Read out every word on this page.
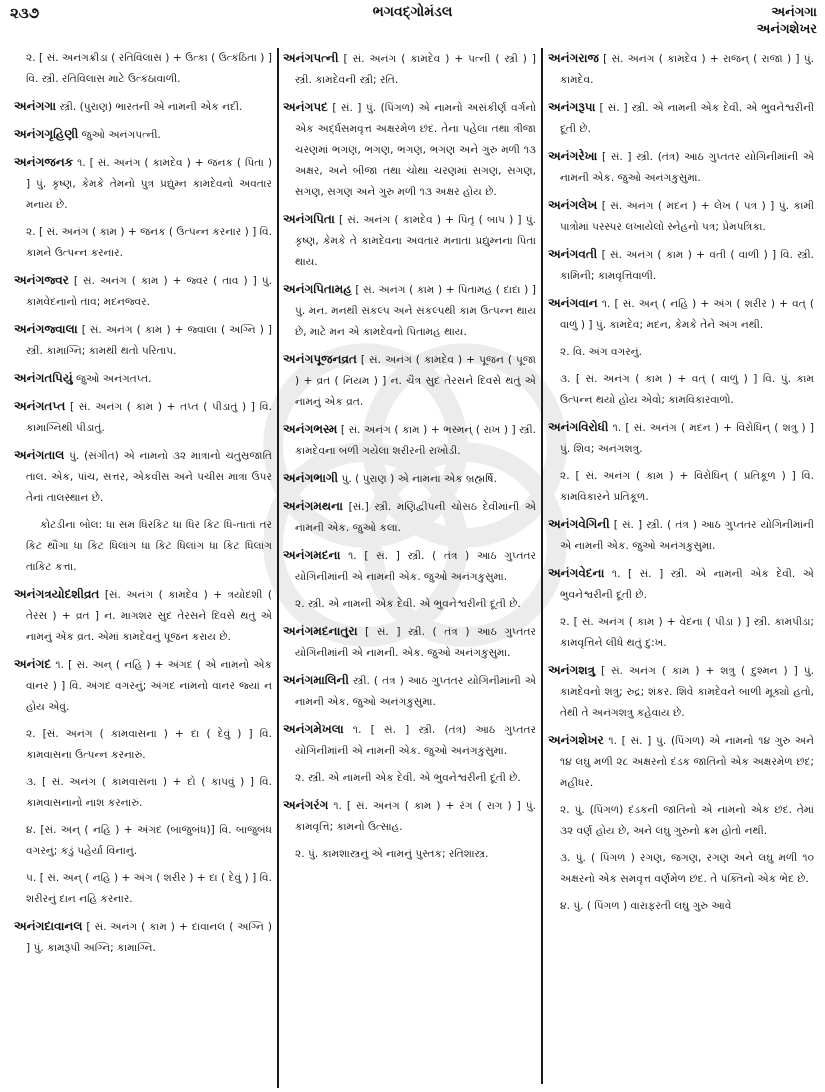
૨૩૭	ભગવદ્ગોમંડલ	અનંગગા
અનંગશેખર

૨. [ સં. અનંગક્રીડા ( રતિવિલાસ ) + ઉત્કા ( ઉત્કંઠિતા ) ] વિ. સ્ત્રી. રતિવિલાસ માટે ઉત્કંઠાવાળી.

અનંગગા સ્ત્રી. (પુરાણ) ભારતની એ નામની એક નદી.

અનંગગૃહિણી જુઓ અનંગપત્ની.

અનંગજનક ૧. [ સં. અનંગ ( કામદેવ ) + જનક ( પિતા ) ] પું. કૃષ્ણ, કેમકે તેમનો પુત્ર પ્રદ્યુમ્ન કામદેવનો અવતાર મનાય છે.

૨. [ સં. અનંગ ( કામ ) + જનક ( ઉત્પન્ન કરનાર ) ] વિ. કામને ઉત્પન્ન કરનાર.

અનંગજ્વર [ સં. અનંગ ( કામ ) + જ્વર ( તાવ ) ] પું. કામવેદનાનો તાવ; મદનજ્વર.

અનંગજ્વાલા [ સં. અનંગ ( કામ ) + જ્વાલા ( અગ્નિ ) ] સ્ત્રી. કામાગ્નિ; કામથી થતો પરિતાપ.

અનંગતપિયું જુઓ અનંગતપ્ત.

અનંગતપ્ત [ સં. અનંગ ( કામ ) + તપ્ત ( પીડાતું ) ] વિ. કામાગ્નિથી પીડાતું.

અનંગતાલ પું. (સંગીત) એ નામનો ૩૨ માત્રાનો ચતુસ્રજાતિ તાલ. એક, પાંચ, સત્તર, એકવીસ અને પચીસ માત્રા ઉપર તેનાં તાલસ્થાન છે.

કોટડીના બોલ: ધા સમ ધિરકિટ ધા ધિર કિટ ધિ-તાતાં તર કિટ થૌંગા ધા કિટ ધિલાંગ ધા કિટ ધિલાંગ ધા કિટ ધિલાંગ તાકિટ કત્તા.

અનંગત્રયોદશીવ્રત [સં. અનંગ ( કામદેવ ) + ત્રયોદશી ( તેરસ ) + વ્રત ] ન. માગશર સુદ તેરસને દિવસે થતું એ નામનું એક વ્રત. એમાં કામદેવનું પૂજન કરાય છે.

અનંગદ ૧. [ સં. અન્ ( નહિ ) + અંગદ ( એ નામનો એક વાનર ) ] વિ. અંગદ વગરનું; અંગદ નામનો વાનર જ્યાં ન હોય એવું.

૨. [સં. અનંગ ( કામવાસના ) + દા ( દેવું ) ] વિ. કામવાસના ઉત્પન્ન કરનારું.

૩. [ સં. અનંગ ( કામવાસના ) + દો ( કાપવું ) ] વિ. કામવાસનાનો નાશ કરનારું.

૪. [સં. અન્ ( નહિ ) + અંગદ (બાજુબંધ)] વિ. બાજુબંધ વગરનું; કડું પહેર્યા વિનાનું.

૫. [ સં. અન્ ( નહિ ) + અંગ ( શરીર ) + દા ( દેવું ) ] વિ. શરીરનું દાન નહિ કરનાર.

અનંગદાવાનલ [ સં. અનંગ ( કામ ) + દાવાનલ ( અગ્નિ ) ] પું. કામરૂપી અગ્નિ; કામાગ્નિ.

અનંગપત્ની [ સં. અનંગ ( કામદેવ ) + પત્ની ( સ્ત્રી ) ] સ્ત્રી. કામદેવની સ્ત્રી; રતિ.

અનંગપદ [ સં. ] પું. (પિંગળ) એ નામનો અસંકીર્ણ વર્ગનો એક અર્દ્ધસમવૃત્ત અક્ષરમેળ છંદ. તેના પહેલા તથા ત્રીજા ચરણમાં ભગણ, ભગણ, ભગણ, ભગણ અને ગુરુ મળી ૧૩ અક્ષર, અને બીજા તથા ચોથા ચરણમાં સગણ, સગણ, સગણ, સગણ અને ગુરુ મળી ૧૩ અક્ષર હોય છે.

અનંગપિતા [ સં. અનંગ ( કામદેવ ) + પિતૃ ( બાપ ) ] પું. કૃષ્ણ, કેમકે તે કામદેવના અવતાર મનાતા પ્રદ્યુમ્નના પિતા થાય.

અનંગપિતામહ [ સં. અનંગ ( કામ ) + પિતામહ ( દાદા ) ] પું. મન. મનથી સંકલ્પ અને સંકલ્પથી કામ ઉત્પન્ન થાય છે, માટે મન એ કામદેવનો પિતામહ થાય.

અનંગપૂજનવ્રત [ સં. અનંગ ( કામદેવ ) + પૂજન ( પૂજા ) + વ્રત ( નિયમ ) ] ન. ચૈત્ર સુદ તેરસને દિવસે થતું એ નામનું એક વ્રત.

અનંગભસ્મ [ સં. અનંગ ( કામ ) + ભસ્મન્ ( રાખ ) ] સ્ત્રી. કામદેવના બળી ગયેલા શરીરની રાખોડી.

અનંગભાગી પું. ( પુરાણ ) એ નામના એક બ્રહ્મર્ષિ.

અનંગમથના [સં.] સ્ત્રી. મણિદ્વીપની ચોસઠ દેવીમાંની એ નામની એક. જુઓ કલા.

અનંગમદના ૧. [ સં. ] સ્ત્રી. ( તંત્ર ) આઠ ગુપ્તતર યોગિનીમાંની એ નામની એક. જુઓ અનંગકુસુમા.

૨. સ્ત્રી. એ નામની એક દેવી. એ ભુવનેશ્વરીની દૂતી છે.

અનંગમદનાતુરા [ સં. ] સ્ત્રી. ( તંત્ર ) આઠ ગુપ્તતર યોગિનીમાંની એ નામની. એક. જુઓ અનંગકુસુમા.

અનંગમાલિની સ્ત્રી. ( તંત્ર ) આઠ ગુપ્તતર યોગિનીમાંની એ નામની એક. જુઓ અનંગકુસુમા.

અનંગમેખલા ૧. [ સં. ] સ્ત્રી. (તંત્ર) આઠ ગુપ્તતર યોગિનીમાંની એ નામની એક. જુઓ અનંગકુસુમા.

૨. સ્ત્રી. એ નામની એક દેવી. એ ભુવનેશ્વરીની દૂતી છે.

અનંગરંગ ૧. [ સં. અનંગ ( કામ ) + રંગ ( રાગ ) ] પું. કામવૃત્તિ; કામનો ઉત્સાહ.

૨. પું. કામશાસ્ત્રનું એ નામનું પુસ્તક; રતિશાસ્ત્ર.

અનંગરાજ [ સં. અનંગ ( કામદેવ ) + રાજન્ ( રાજા ) ] પું. કામદેવ.

અનંગરૂપા [ સં. ] સ્ત્રી. એ નામની એક દેવી. એ ભુવનેશ્વરીની દૂતી છે.

અનંગરેખા [ સં. ] સ્ત્રી. (તંત્ર) આઠ ગુપ્તતર યોગિનીમાંની એ નામની એક. જુઓ અનંગકુસુમા.

અનંગલેખ [ સં. અનંગ ( મદન ) + લેખ ( પત્ર ) ] પું. કામી પાત્રોમાં પરસ્પર લખાયેલો સ્નેહનો પત્ર; પ્રેમપત્રિકા.

અનંગવતી [ સં. અનંગ ( કામ ) + વતી ( વાળી ) ] વિ. સ્ત્રી. કામિની; કામવૃત્તિવાળી.

અનંગવાન ૧. [ સં. અન્ ( નહિ ) + અંગ ( શરીર ) + વત્ ( વાળું ) ] પું. કામદેવ; મદન, કેમકે તેને અંગ નથી.

૨. વિ. અંગ વગરનું.

૩. [ સં. અનંગ ( કામ ) + વત્ ( વાળું ) ] વિ. પું. કામ ઉત્પન્ન થયો હોય એવો; કામવિકારવાળો.

અનંગવિરોધી ૧. [ સં. અનંગ ( મદન ) + વિરોધિન્ ( શત્રુ ) ] પું. શિવ; અનંગશત્રુ.

૨. [ સં. અનંગ ( કામ ) + વિરોધિન્ ( પ્રતિકૂળ ) ] વિ. કામવિકારને પ્રતિકૂળ.

અનંગવેગિની [ સં. ] સ્ત્રી. ( તંત્ર ) આઠ ગુપ્તતર યોગિનીમાંની એ નામની એક. જુઓ અનંગકુસુમા.

અનંગવેદના ૧. [ સં. ] સ્ત્રી. એ નામની એક દેવી. એ ભુવનેશ્વરીની દૂતી છે.

૨. [ સં. અનંગ ( કામ ) + વેદના ( પીડા ) ] સ્ત્રી. કામપીડા; કામવૃત્તિને લીધે થતું દુ:ખ.

અનંગશત્રુ [ સં. અનંગ ( કામ ) + શત્રુ ( દુશ્મન ) ] પું. કામદેવનો શત્રુ; રુદ્ર; શંકર. શિવે કામદેવને બાળી મૂક્યો હતો, તેથી તે અનંગશત્રુ કહેવાય છે.

અનંગશેખર ૧. [ સં. ] પું. (પિંગળ) એ નામનો ૧૪ ગુરુ અને ૧૪ લઘુ મળી ૨૮ અક્ષરનો દંડક જાતિનો એક અક્ષરમેળ છંદ; મહીધર.

૨. પું. (પિંગળ) દંડકની જાતિનો એ નામનો એક છંદ. તેમાં ૩૨ વર્ણ હોય છે, અને લઘુ ગુરુનો ક્રમ હોતો નથી.

૩. પું. ( પિંગળ ) રગણ, જગણ, રગણ અને લઘુ મળી ૧૦ અક્ષરનો એક સમવૃત્ત વર્ણમેળ છંદ. તે પંક્તિનો એક ભેદ છે.

૪. પું. ( પિંગળ ) વારાફરતી લઘુ ગુરુ આવે
